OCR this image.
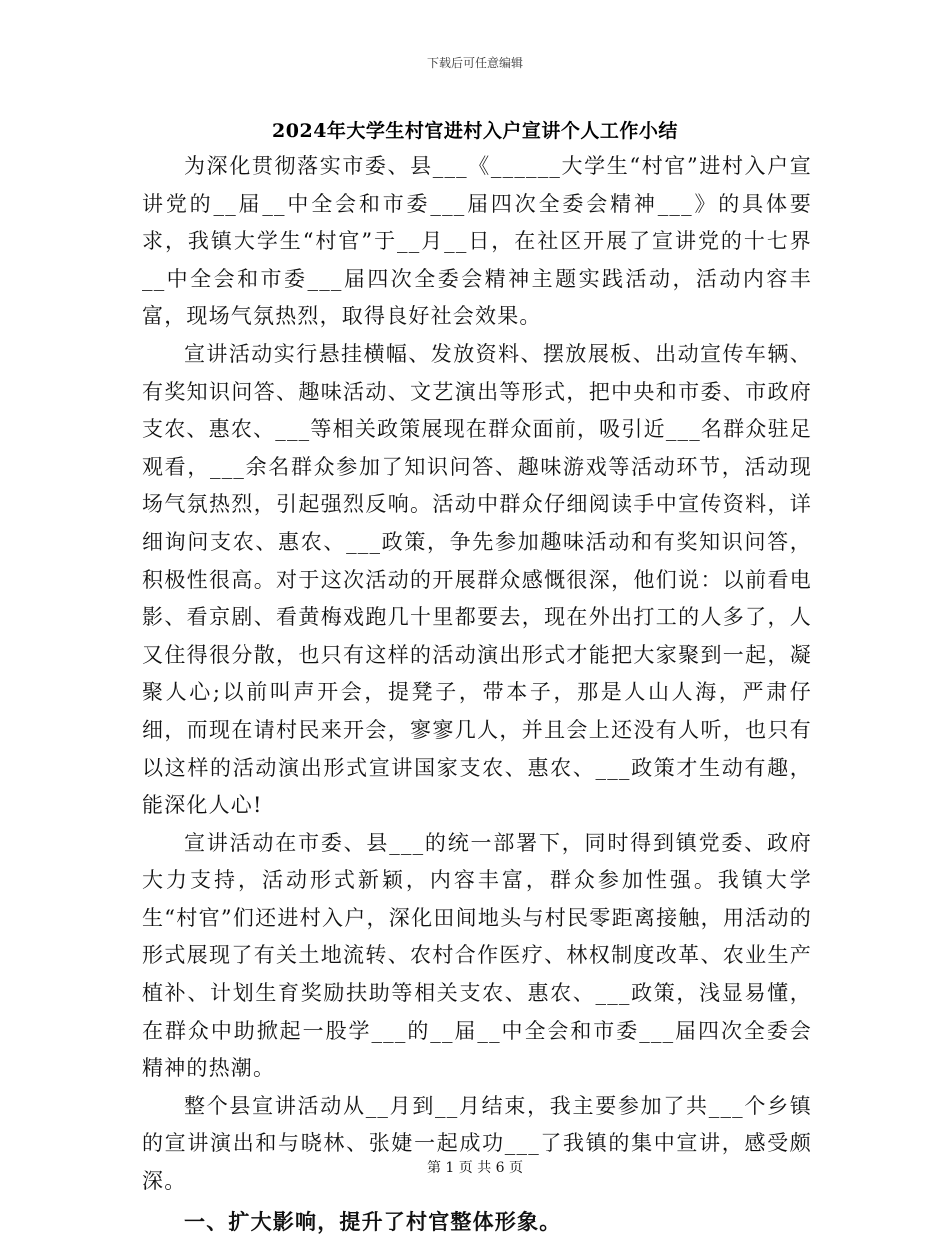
下载后可任意编辑
2024年大学生村官进村入户宣讲个人工作小结

为深化贯彻落实市委、县___《______大学生“村官”进村入户宣讲党的__届__中全会和市委___届四次全委会精神___》的具体要求，我镇大学生“村官”于__月__日，在社区开展了宣讲党的十七界__中全会和市委___届四次全委会精神主题实践活动，活动内容丰富，现场气氛热烈，取得良好社会效果。

宣讲活动实行悬挂横幅、发放资料、摆放展板、出动宣传车辆、有奖知识问答、趣味活动、文艺演出等形式，把中央和市委、市政府支农、惠农、___等相关政策展现在群众面前，吸引近___名群众驻足观看，___余名群众参加了知识问答、趣味游戏等活动环节，活动现场气氛热烈，引起强烈反响。活动中群众仔细阅读手中宣传资料，详细询问支农、惠农、___政策，争先参加趣味活动和有奖知识问答，积极性很高。对于这次活动的开展群众感慨很深，他们说：以前看电影、看京剧、看黄梅戏跑几十里都要去，现在外出打工的人多了，人又住得很分散，也只有这样的活动演出形式才能把大家聚到一起，凝聚人心;以前叫声开会，提凳子，带本子，那是人山人海，严肃仔细，而现在请村民来开会，寥寥几人，并且会上还没有人听，也只有以这样的活动演出形式宣讲国家支农、惠农、___政策才生动有趣，能深化人心!

宣讲活动在市委、县___的统一部署下，同时得到镇党委、政府大力支持，活动形式新颖，内容丰富，群众参加性强。我镇大学生“村官”们还进村入户，深化田间地头与村民零距离接触，用活动的形式展现了有关土地流转、农村合作医疗、林权制度改革、农业生产植补、计划生育奖励扶助等相关支农、惠农、___政策，浅显易懂，在群众中助掀起一股学___的__届__中全会和市委___届四次全委会精神的热潮。

整个县宣讲活动从__月到__月结束，我主要参加了共___个乡镇的宣讲演出和与晓林、张婕一起成功___了我镇的集中宣讲，感受颇深。

一、扩大影响，提升了村官整体形象。

第 1 页 共 6 页
